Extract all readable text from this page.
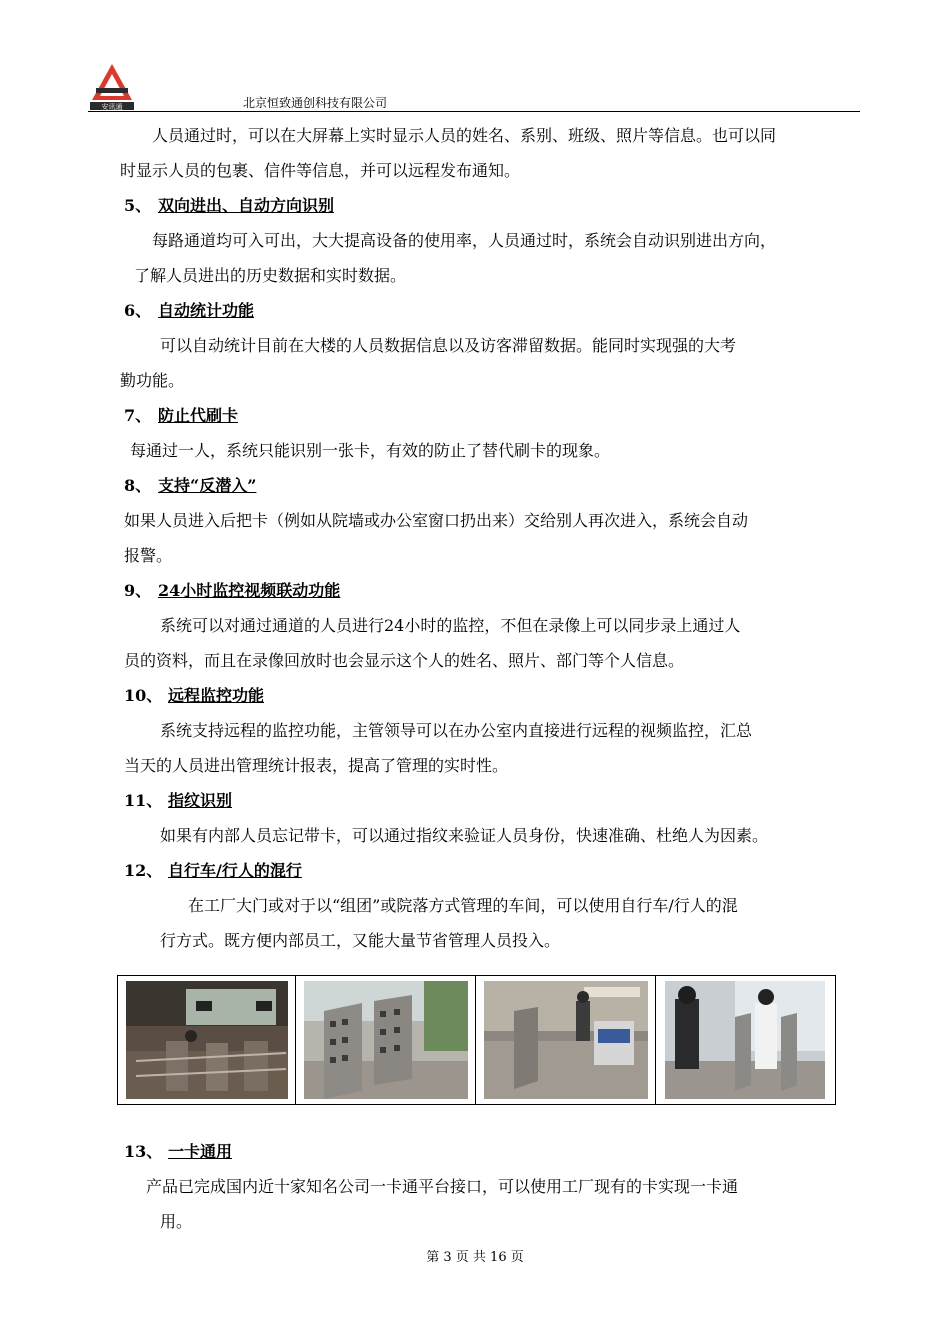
安讯通	北京恒致通创科技有限公司
人员通过时，可以在大屏幕上实时显示人员的姓名、系别、班级、照片等信息。也可以同
时显示人员的包裹、信件等信息，并可以远程发布通知。
5、 双向进出、自动方向识别
每路通道均可入可出，大大提高设备的使用率，人员通过时，系统会自动识别进出方向，
了解人员进出的历史数据和实时数据。
6、 自动统计功能
可以自动统计目前在大楼的人员数据信息以及访客滞留数据。能同时实现强的大考
勤功能。
7、 防止代刷卡
每通过一人，系统只能识别一张卡，有效的防止了替代刷卡的现象。
8、 支持“反潜入”
如果人员进入后把卡（例如从院墙或办公室窗口扔出来）交给别人再次进入，系统会自动
报警。
9、 24小时监控视频联动功能
系统可以对通过通道的人员进行24小时的监控，不但在录像上可以同步录上通过人
员的资料，而且在录像回放时也会显示这个人的姓名、照片、部门等个人信息。
10、 远程监控功能
系统支持远程的监控功能，主管领导可以在办公室内直接进行远程的视频监控，汇总
当天的人员进出管理统计报表，提高了管理的实时性。
11、 指纹识别
如果有内部人员忘记带卡，可以通过指纹来验证人员身份，快速准确、杜绝人为因素。
12、 自行车/行人的混行
在工厂大门或对于以“组团”或院落方式管理的车间，可以使用自行车/行人的混
行方式。既方便内部员工，又能大量节省管理人员投入。
13、 一卡通用
产品已完成国内近十家知名公司一卡通平台接口，可以使用工厂现有的卡实现一卡通
用。
第 3 页 共 16 页
